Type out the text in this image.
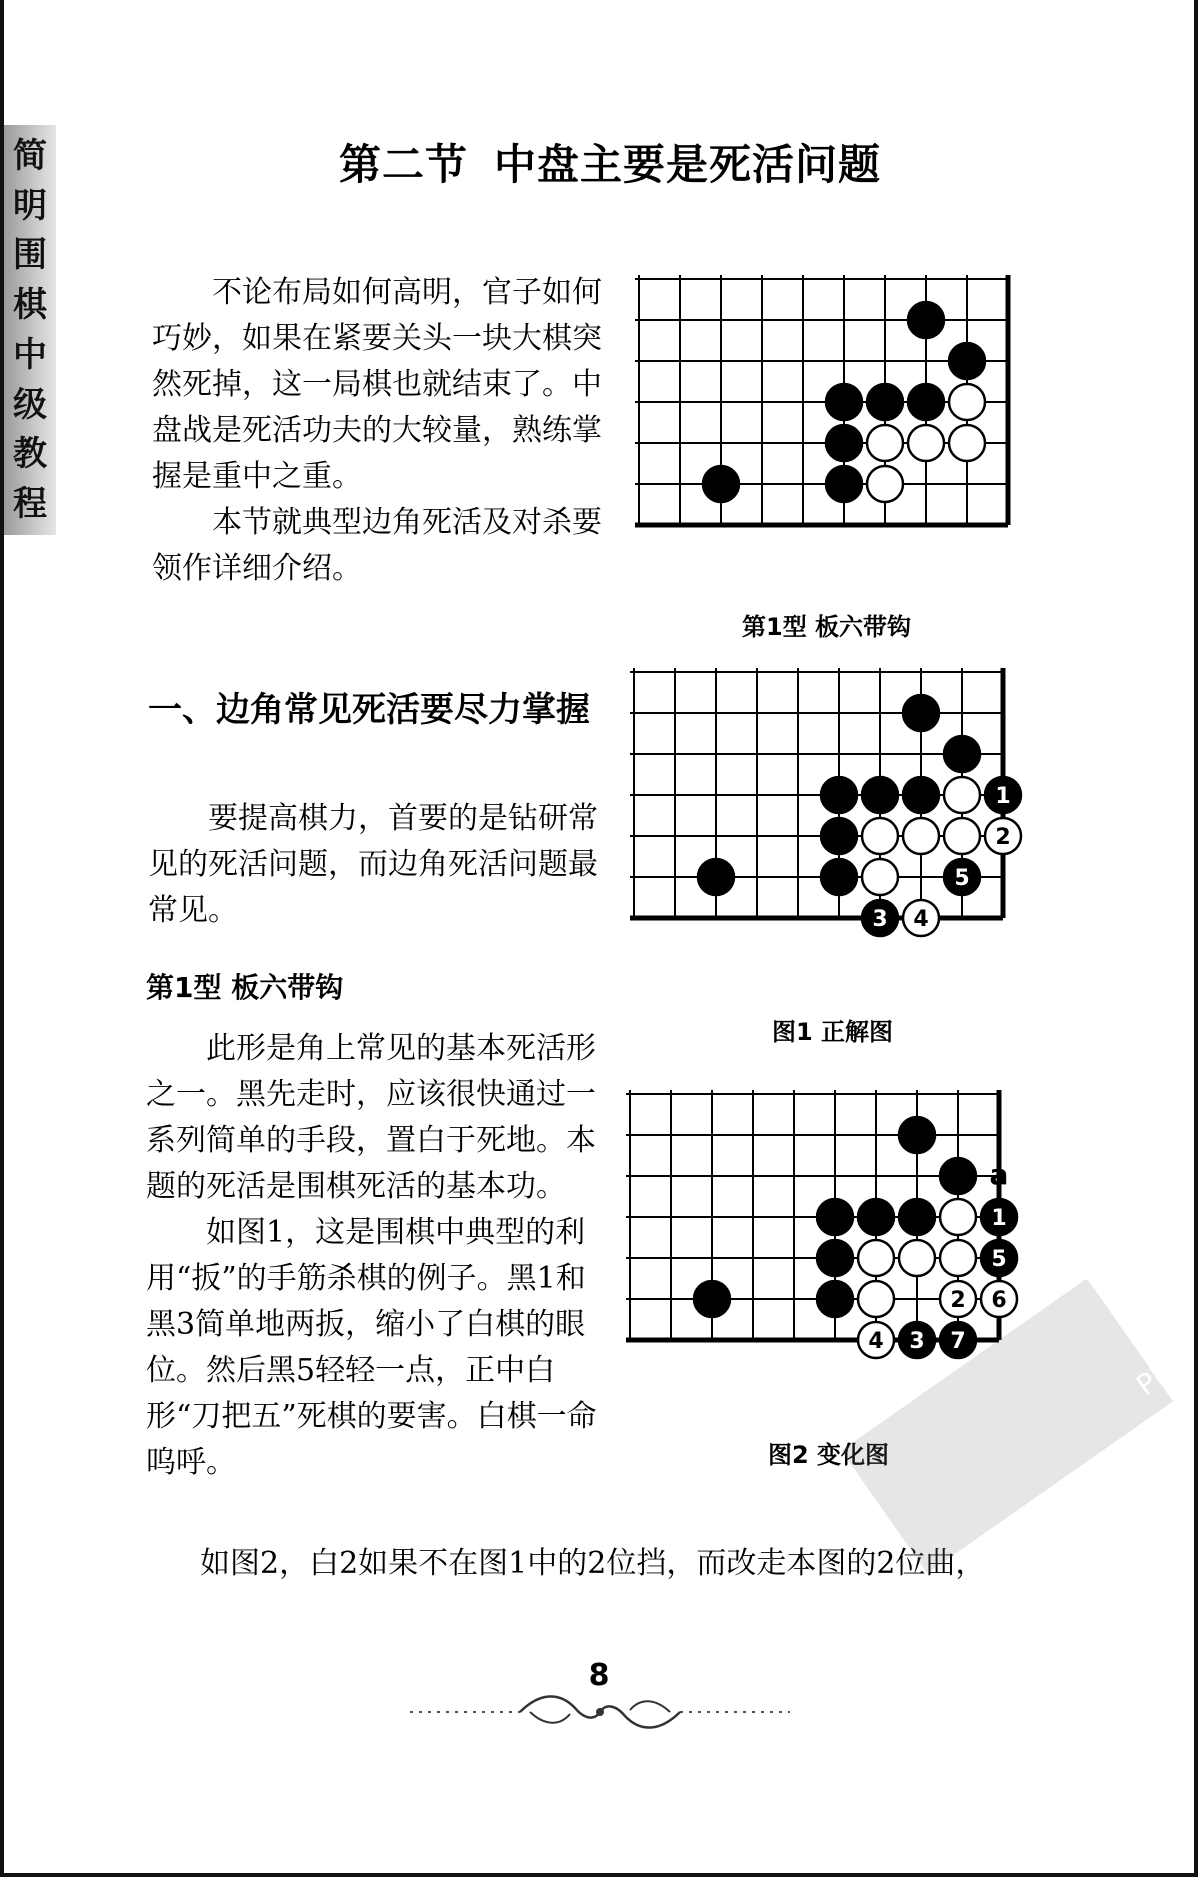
简
明
围
棋
中
级
教
程
第二节 中盘主要是死活问题

不论布局如何高明，官子如何巧妙，如果在紧要关头一块大棋突然死掉，这一局棋也就结束了。中盘战是死活功夫的大较量，熟练掌握是重中之重。

本节就典型边角死活及对杀要领作详细介绍。

一、边角常见死活要尽力掌握

要提高棋力，首要的是钻研常见的死活问题，而边角死活问题最常见。

第1型 板六带钩

此形是角上常见的基本死活形之一。黑先走时，应该很快通过一系列简单的手段，置白于死地。本题的死活是围棋死活的基本功。

如图1，这是围棋中典型的利用“扳”的手筋杀棋的例子。黑1和黑3简单地两扳，缩小了白棋的眼位。然后黑5轻轻一点，正中白形“刀把五”死棋的要害。白棋一命呜呼。

如图2，白2如果不在图1中的2位挡，而改走本图的2位曲，
第1型 板六带钩
1
2
5
3 4
图1 正解图
1
5
2 6
4 3 7
a
图2 变化图
8
PDG
